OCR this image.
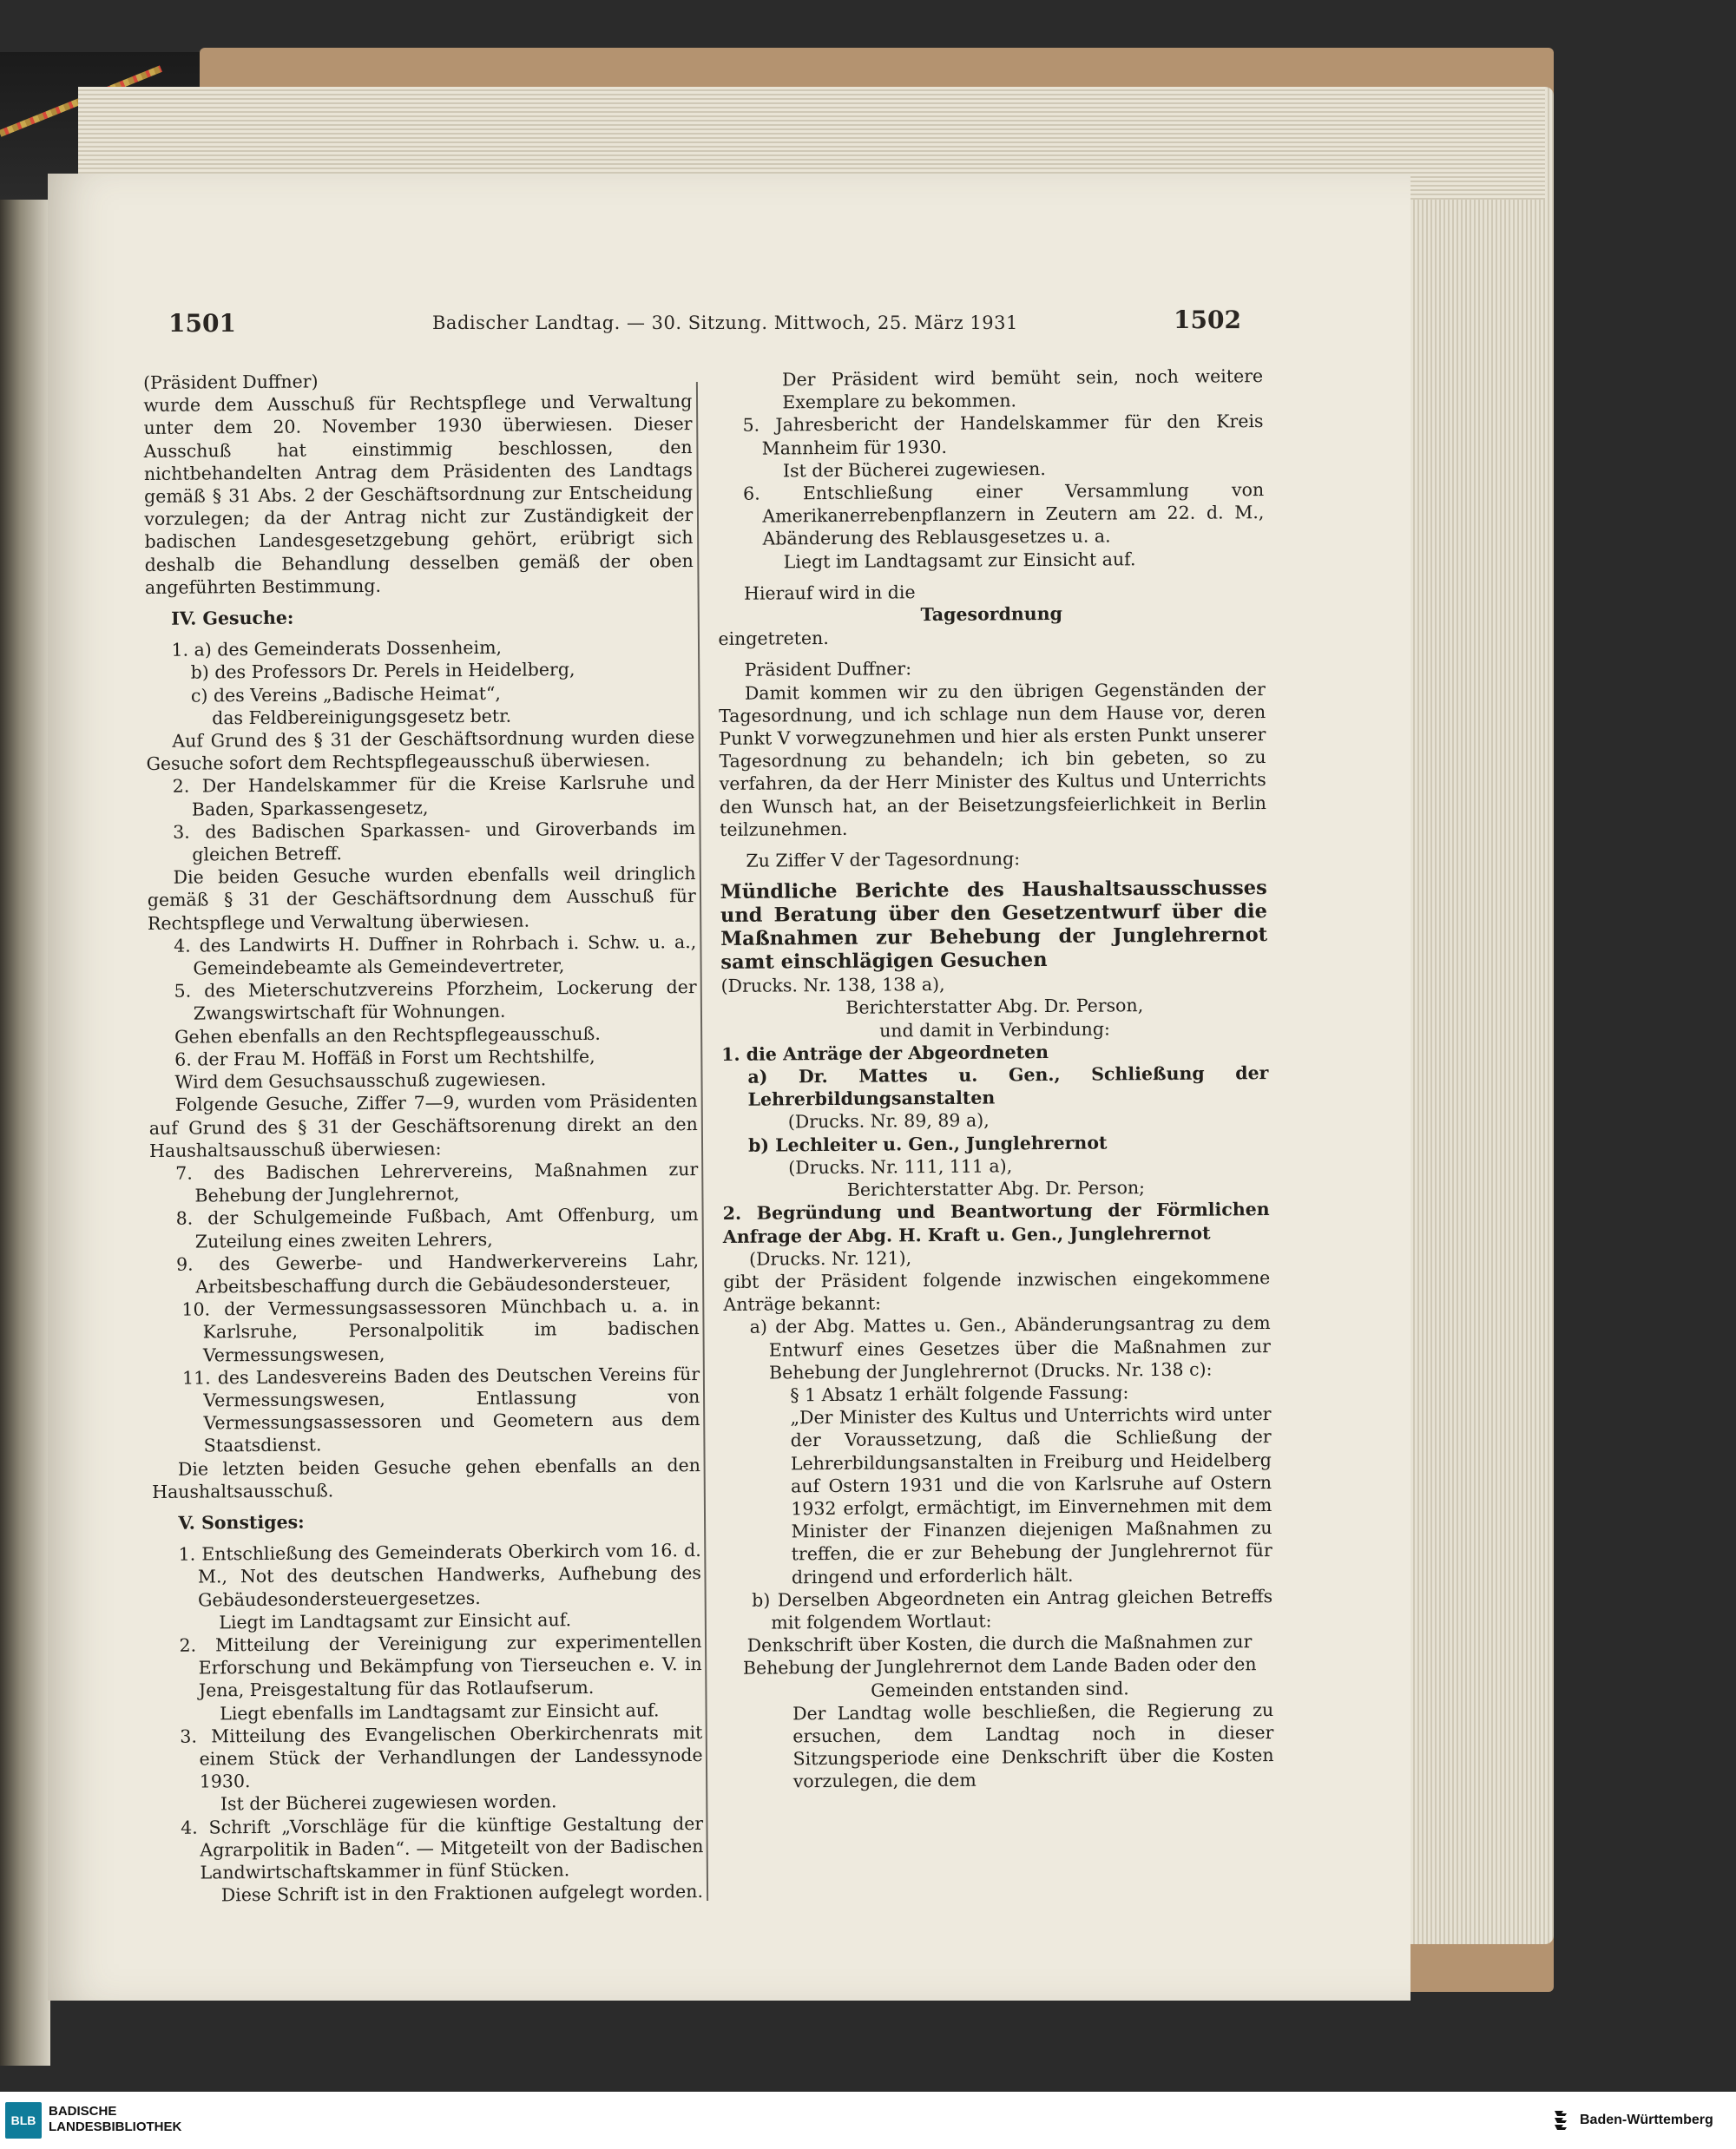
1501	Badischer Landtag. — 30. Sitzung. Mittwoch, 25. März 1931	1502

(Präsident Duffner)

wurde dem Ausschuß für Rechtspflege und Verwaltung unter dem 20. November 1930 überwiesen. Dieser Ausschuß hat einstimmig beschlossen, den nichtbehandelten Antrag dem Präsidenten des Landtags gemäß § 31 Abs. 2 der Geschäftsordnung zur Entscheidung vorzulegen; da der Antrag nicht zur Zuständigkeit der badischen Landesgesetzgebung gehört, erübrigt sich deshalb die Behandlung desselben gemäß der oben angeführten Bestimmung.

IV. Gesuche:

1. a) des Gemeinderats Dossenheim,

b) des Professors Dr. Perels in Heidelberg,

c) des Vereins „Badische Heimat“,

das Feldbereinigungsgesetz betr.

Auf Grund des § 31 der Geschäftsordnung wurden diese Gesuche sofort dem Rechtspflegeausschuß überwiesen.

2. Der Handelskammer für die Kreise Karlsruhe und Baden, Sparkassengesetz,

3. des Badischen Sparkassen- und Giroverbands im gleichen Betreff.

Die beiden Gesuche wurden ebenfalls weil dringlich gemäß § 31 der Geschäftsordnung dem Ausschuß für Rechtspflege und Verwaltung überwiesen.

4. des Landwirts H. Duffner in Rohrbach i. Schw. u. a., Gemeindebeamte als Gemeindevertreter,

5. des Mieterschutzvereins Pforzheim, Lockerung der Zwangswirtschaft für Wohnungen.

Gehen ebenfalls an den Rechtspflegeausschuß.

6. der Frau M. Hoffäß in Forst um Rechtshilfe,

Wird dem Gesuchsausschuß zugewiesen.

Folgende Gesuche, Ziffer 7—9, wurden vom Präsidenten auf Grund des § 31 der Geschäftsorenung direkt an den Haushaltsausschuß überwiesen:

7. des Badischen Lehrervereins, Maßnahmen zur Behebung der Junglehrernot,

8. der Schulgemeinde Fußbach, Amt Offenburg, um Zuteilung eines zweiten Lehrers,

9. des Gewerbe- und Handwerkervereins Lahr, Arbeitsbeschaffung durch die Gebäudesondersteuer,

10. der Vermessungsassessoren Münchbach u. a. in Karlsruhe, Personalpolitik im badischen Vermessungswesen,

11. des Landesvereins Baden des Deutschen Vereins für Vermessungswesen, Entlassung von Vermessungsassessoren und Geometern aus dem Staatsdienst.

Die letzten beiden Gesuche gehen ebenfalls an den Haushaltsausschuß.

V. Sonstiges:

1. Entschließung des Gemeinderats Oberkirch vom 16. d. M., Not des deutschen Handwerks, Aufhebung des Gebäudesondersteuergesetzes.

Liegt im Landtagsamt zur Einsicht auf.

2. Mitteilung der Vereinigung zur experimentellen Erforschung und Bekämpfung von Tierseuchen e. V. in Jena, Preisgestaltung für das Rotlaufserum.

Liegt ebenfalls im Landtagsamt zur Einsicht auf.

3. Mitteilung des Evangelischen Oberkirchenrats mit einem Stück der Verhandlungen der Landessynode 1930.

Ist der Bücherei zugewiesen worden.

4. Schrift „Vorschläge für die künftige Gestaltung der Agrarpolitik in Baden“. — Mitgeteilt von der Badischen Landwirtschaftskammer in fünf Stücken.

Diese Schrift ist in den Fraktionen aufgelegt worden.

Der Präsident wird bemüht sein, noch weitere Exemplare zu bekommen.

5. Jahresbericht der Handelskammer für den Kreis Mannheim für 1930.

Ist der Bücherei zugewiesen.

6. Entschließung einer Versammlung von Amerikanerrebenpflanzern in Zeutern am 22. d. M., Abänderung des Reblausgesetzes u. a.

Liegt im Landtagsamt zur Einsicht auf.

Hierauf wird in die

Tagesordnung

eingetreten.

Präsident Duffner:

Damit kommen wir zu den übrigen Gegenständen der Tagesordnung, und ich schlage nun dem Hause vor, deren Punkt V vorwegzunehmen und hier als ersten Punkt unserer Tagesordnung zu behandeln; ich bin gebeten, so zu verfahren, da der Herr Minister des Kultus und Unterrichts den Wunsch hat, an der Beisetzungsfeierlichkeit in Berlin teilzunehmen.

Zu Ziffer V der Tagesordnung:

Mündliche Berichte des Haushaltsausschusses und Beratung über den Gesetzentwurf über die Maßnahmen zur Behebung der Junglehrernot samt einschlägigen Gesuchen

(Drucks. Nr. 138, 138 a),

Berichterstatter Abg. Dr. Person,

und damit in Verbindung:

1. die Anträge der Abgeordneten

a) Dr. Mattes u. Gen., Schließung der Lehrerbildungsanstalten

(Drucks. Nr. 89, 89 a),

b) Lechleiter u. Gen., Junglehrernot

(Drucks. Nr. 111, 111 a),

Berichterstatter Abg. Dr. Person;

2. Begründung und Beantwortung der Förmlichen Anfrage der Abg. H. Kraft u. Gen., Junglehrernot

(Drucks. Nr. 121),

gibt der Präsident folgende inzwischen eingekommene Anträge bekannt:

a) der Abg. Mattes u. Gen., Abänderungsantrag zu dem Entwurf eines Gesetzes über die Maßnahmen zur Behebung der Junglehrernot (Drucks. Nr. 138 c):

§ 1 Absatz 1 erhält folgende Fassung:

„Der Minister des Kultus und Unterrichts wird unter der Voraussetzung, daß die Schließung der Lehrerbildungsanstalten in Freiburg und Heidelberg auf Ostern 1931 und die von Karlsruhe auf Ostern 1932 erfolgt, ermächtigt, im Einvernehmen mit dem Minister der Finanzen diejenigen Maßnahmen zu treffen, die er zur Behebung der Junglehrernot für dringend und erforderlich hält.

b) Derselben Abgeordneten ein Antrag gleichen Betreffs mit folgendem Wortlaut:

Denkschrift über Kosten, die durch die Maßnahmen zur Behebung der Junglehrernot dem Lande Baden oder den Gemeinden entstanden sind.

Der Landtag wolle beschließen, die Regierung zu ersuchen, dem Landtag noch in dieser Sitzungsperiode eine Denkschrift über die Kosten vorzulegen, die dem

BLB
BADISCHE
LANDESBIBLIOTHEK	Baden-Württemberg
